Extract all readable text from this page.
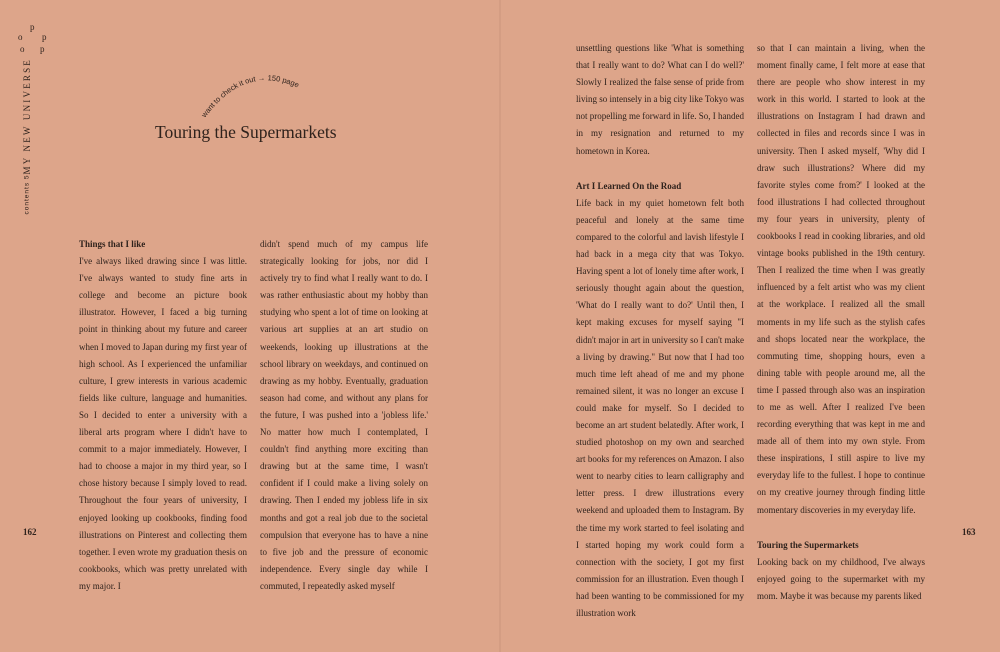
p
o p
o p
contents 5
MY NEW UNIVERSE	want to check it out → 150 page
Touring the Supermarkets
Things that I like

I've always liked drawing since I was little. I've always wanted to study fine arts in college and become an picture book illustrator. However, I faced a big turning point in thinking about my future and career when I moved to Japan during my first year of high school. As I experienced the unfamiliar culture, I grew interests in various academic fields like culture, language and humanities. So I decided to enter a university with a liberal arts program where I didn't have to commit to a major immediately. However, I had to choose a major in my third year, so I chose history because I simply loved to read. Throughout the four years of university, I enjoyed looking up cookbooks, finding food illustrations on Pinterest and collecting them together. I even wrote my graduation thesis on cookbooks, which was pretty unrelated with my major. I

didn't spend much of my campus life strategically looking for jobs, nor did I actively try to find what I really want to do. I was rather enthusiastic about my hobby than studying who spent a lot of time on looking at various art supplies at an art studio on weekends, looking up illustrations at the school library on weekdays, and continued on drawing as my hobby. Eventually, graduation season had come, and without any plans for the future, I was pushed into a 'jobless life.' No matter how much I contemplated, I couldn't find anything more exciting than drawing but at the same time, I wasn't confident if I could make a living solely on drawing. Then I ended my jobless life in six months and got a real job due to the societal compulsion that everyone has to have a nine to five job and the pressure of economic independence. Every single day while I commuted, I repeatedly asked myself

162

unsettling questions like 'What is something that I really want to do? What can I do well?' Slowly I realized the false sense of pride from living so intensely in a big city like Tokyo was not propelling me forward in life. So, I handed in my resignation and returned to my hometown in Korea.

Art I Learned On the Road

Life back in my quiet hometown felt both peaceful and lonely at the same time compared to the colorful and lavish lifestyle I had back in a mega city that was Tokyo. Having spent a lot of lonely time after work, I seriously thought again about the question, 'What do I really want to do?' Until then, I kept making excuses for myself saying "I didn't major in art in university so I can't make a living by drawing." But now that I had too much time left ahead of me and my phone remained silent, it was no longer an excuse I could make for myself. So I decided to become an art student belatedly. After work, I studied photoshop on my own and searched art books for my references on Amazon. I also went to nearby cities to learn calligraphy and letter press. I drew illustrations every weekend and uploaded them to Instagram. By the time my work started to feel isolating and I started hoping my work could form a connection with the society, I got my first commission for an illustration. Even though I had been wanting to be commissioned for my illustration work

so that I can maintain a living, when the moment finally came, I felt more at ease that there are people who show interest in my work in this world. I started to look at the illustrations on Instagram I had drawn and collected in files and records since I was in university. Then I asked myself, 'Why did I draw such illustrations? Where did my favorite styles come from?' I looked at the food illustrations I had collected throughout my four years in university, plenty of cookbooks I read in cooking libraries, and old vintage books published in the 19th century. Then I realized the time when I was greatly influenced by a felt artist who was my client at the workplace. I realized all the small moments in my life such as the stylish cafes and shops located near the workplace, the commuting time, shopping hours, even a dining table with people around me, all the time I passed through also was an inspiration to me as well. After I realized I've been recording everything that was kept in me and made all of them into my own style. From these inspirations, I still aspire to live my everyday life to the fullest. I hope to continue on my creative journey through finding little momentary discoveries in my everyday life.

Touring the Supermarkets

Looking back on my childhood, I've always enjoyed going to the supermarket with my mom. Maybe it was because my parents liked

163
